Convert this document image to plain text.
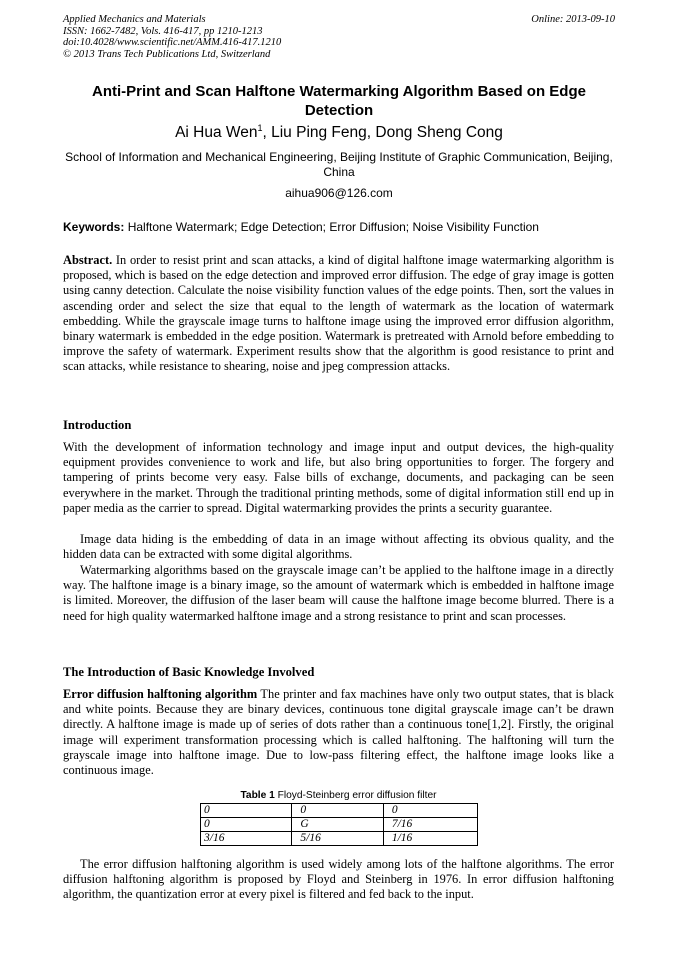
Applied Mechanics and Materials
ISSN: 1662-7482, Vols. 416-417, pp 1210-1213
doi:10.4028/www.scientific.net/AMM.416-417.1210
© 2013 Trans Tech Publications Ltd, Switzerland
Online: 2013-09-10
Anti-Print and Scan Halftone Watermarking Algorithm Based on Edge Detection
Ai Hua Wen$^1$, Liu Ping Feng, Dong Sheng Cong
School of Information and Mechanical Engineering, Beijing Institute of Graphic Communication, Beijing, China
aihua906@126.com
Keywords: Halftone Watermark; Edge Detection; Error Diffusion; Noise Visibility Function
Abstract. In order to resist print and scan attacks, a kind of digital halftone image watermarking algorithm is proposed, which is based on the edge detection and improved error diffusion. The edge of gray image is gotten using canny detection. Calculate the noise visibility function values of the edge points. Then, sort the values in ascending order and select the size that equal to the length of watermark as the location of watermark embedding. While the grayscale image turns to halftone image using the improved error diffusion algorithm, binary watermark is embedded in the edge position. Watermark is pretreated with Arnold before embedding to improve the safety of watermark. Experiment results show that the algorithm is good resistance to print and scan attacks, while resistance to shearing, noise and jpeg compression attacks.
Introduction
With the development of information technology and image input and output devices, the high-quality equipment provides convenience to work and life, but also bring opportunities to forger. The forgery and tampering of prints become very easy. False bills of exchange, documents, and packaging can be seen everywhere in the market. Through the traditional printing methods, some of digital information still end up in paper media as the carrier to spread. Digital watermarking provides the prints a security guarantee.
Image data hiding is the embedding of data in an image without affecting its obvious quality, and the hidden data can be extracted with some digital algorithms.
Watermarking algorithms based on the grayscale image can’t be applied to the halftone image in a directly way. The halftone image is a binary image, so the amount of watermark which is embedded in halftone image is limited. Moreover, the diffusion of the laser beam will cause the halftone image become blurred. There is a need for high quality watermarked halftone image and a strong resistance to print and scan processes.
The Introduction of Basic Knowledge Involved
Error diffusion halftoning algorithm The printer and fax machines have only two output states, that is black and white points. Because they are binary devices, continuous tone digital grayscale image can’t be drawn directly. A halftone image is made up of series of dots rather than a continuous tone[1,2]. Firstly, the original image will experiment transformation processing which is called halftoning. The halftoning will turn the grayscale image into halftone image. Due to low-pass filtering effect, the halftone image looks like a continuous image.
Table 1 Floyd-Steinberg error diffusion filter
0	0	0
0	G	7/16
3/16	5/16	1/16
The error diffusion halftoning algorithm is used widely among lots of the halftone algorithms. The error diffusion halftoning algorithm is proposed by Floyd and Steinberg in 1976. In error diffusion halftoning algorithm, the quantization error at every pixel is filtered and fed back to the input.
